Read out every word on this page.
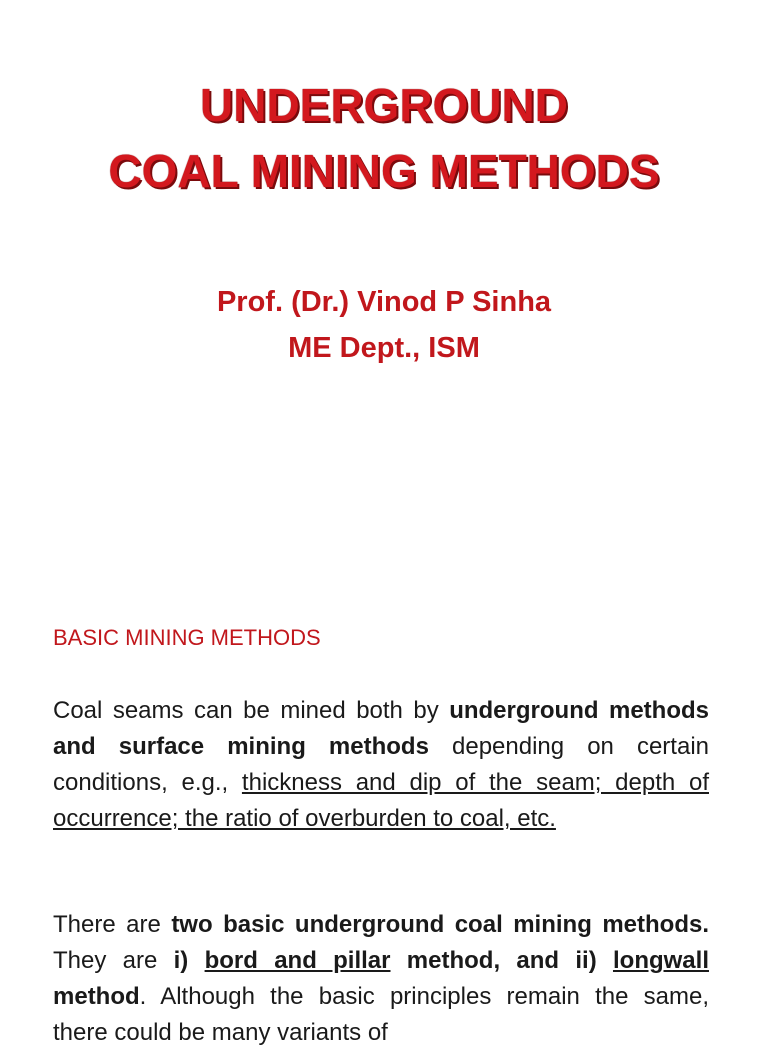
UNDERGROUND
COAL MINING METHODS
Prof. (Dr.) Vinod P Sinha
ME Dept., ISM
BASIC MINING METHODS
Coal seams can be mined both by underground methods and surface mining methods depending on certain conditions, e.g., thickness and dip of the seam; depth of occurrence; the ratio of overburden to coal, etc.
There are two basic underground coal mining methods. They are i) bord and pillar method, and ii) longwall method. Although the basic principles remain the same, there could be many variants of
